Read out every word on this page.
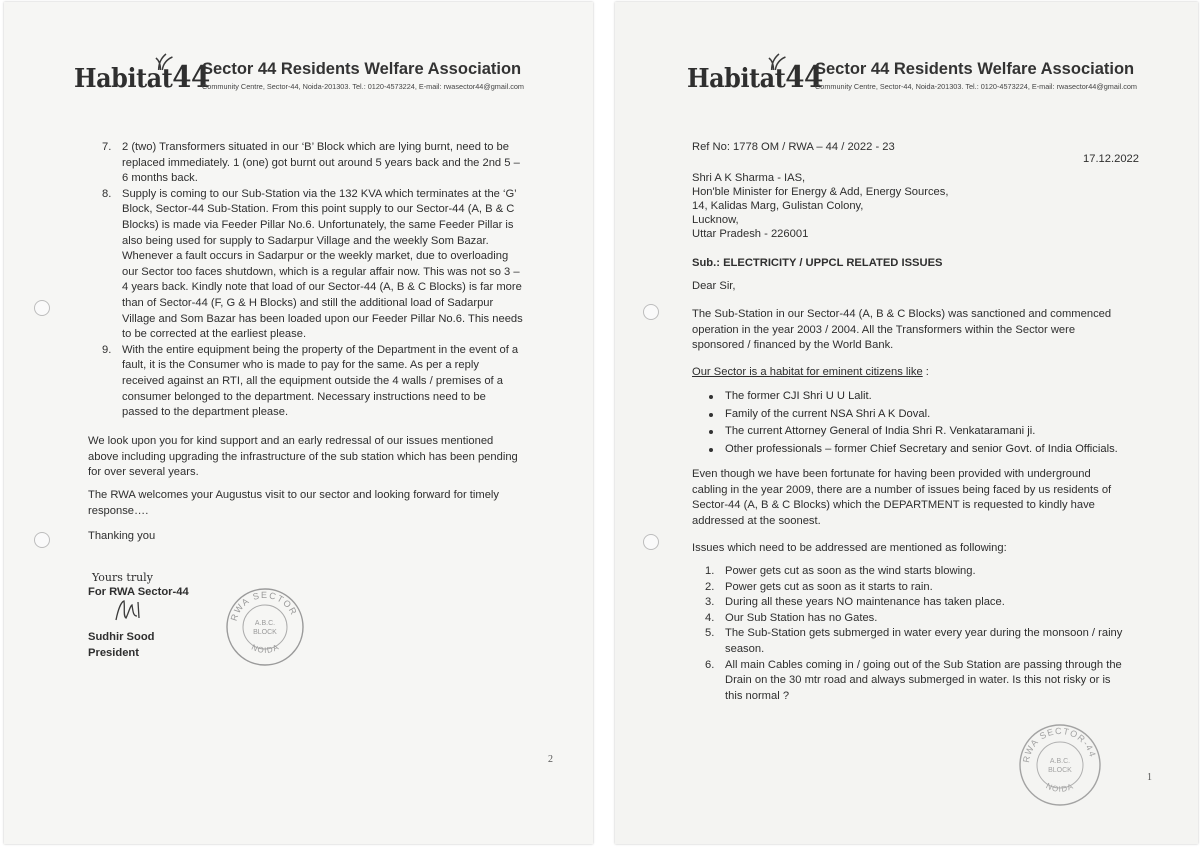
Habitat44
Sector 44 Residents Welfare Association
Community Centre, Sector-44, Noida-201303. Tel.: 0120-4573224, E-mail: rwasector44@gmail.com
7. 2 (two) Transformers situated in our ‘B’ Block which are lying burnt, need to be
replaced immediately. 1 (one) got burnt out around 5 years back and the 2nd 5 –
6 months back.
8. Supply is coming to our Sub-Station via the 132 KVA which terminates at the ‘G’
Block, Sector-44 Sub-Station. From this point supply to our Sector-44 (A, B & C
Blocks) is made via Feeder Pillar No.6. Unfortunately, the same Feeder Pillar is
also being used for supply to Sadarpur Village and the weekly Som Bazar.
Whenever a fault occurs in Sadarpur or the weekly market, due to overloading
our Sector too faces shutdown, which is a regular affair now. This was not so 3 –
4 years back. Kindly note that load of our Sector-44 (A, B & C Blocks) is far more
than of Sector-44 (F, G & H Blocks) and still the additional load of Sadarpur
Village and Som Bazar has been loaded upon our Feeder Pillar No.6. This needs
to be corrected at the earliest please.
9. With the entire equipment being the property of the Department in the event of a
fault, it is the Consumer who is made to pay for the same. As per a reply
received against an RTI, all the equipment outside the 4 walls / premises of a
consumer belonged to the department. Necessary instructions need to be
passed to the department please.
We look upon you for kind support and an early redressal of our issues mentioned
above including upgrading the infrastructure of the sub station which has been pending
for over several years.
The RWA welcomes your Augustus visit to our sector and looking forward for timely
response….
Thanking you
Yours truly
For RWA Sector-44
Sudhir Sood
President
RWA SECTOR
NOIDA
A.B.C.
BLOCK
2
Habitat44
Sector 44 Residents Welfare Association
Community Centre, Sector-44, Noida-201303. Tel.: 0120-4573224, E-mail: rwasector44@gmail.com
Ref No: 1778 OM / RWA – 44 / 2022 - 23
17.12.2022
Shri A K Sharma - IAS,
Hon'ble Minister for Energy & Add, Energy Sources,
14, Kalidas Marg, Gulistan Colony,
Lucknow,
Uttar Pradesh - 226001
Sub.: ELECTRICITY / UPPCL RELATED ISSUES
Dear Sir,
The Sub-Station in our Sector-44 (A, B & C Blocks) was sanctioned and commenced
operation in the year 2003 / 2004. All the Transformers within the Sector were
sponsored / financed by the World Bank.
Our Sector is a habitat for eminent citizens like :
The former CJI Shri U U Lalit.
Family of the current NSA Shri A K Doval.
The current Attorney General of India Shri R. Venkataramani ji.
Other professionals – former Chief Secretary and senior Govt. of India Officials.
Even though we have been fortunate for having been provided with underground
cabling in the year 2009, there are a number of issues being faced by us residents of
Sector-44 (A, B & C Blocks) which the DEPARTMENT is requested to kindly have
addressed at the soonest.
Issues which need to be addressed are mentioned as following:
1. Power gets cut as soon as the wind starts blowing.
2. Power gets cut as soon as it starts to rain.
3. During all these years NO maintenance has taken place.
4. Our Sub Station has no Gates.
5. The Sub-Station gets submerged in water every year during the monsoon / rainy
season.
6. All main Cables coming in / going out of the Sub Station are passing through the
Drain on the 30 mtr road and always submerged in water. Is this not risky or is
this normal ?
RWA SECTOR-44
NOIDA
A.B.C.
BLOCK
1
